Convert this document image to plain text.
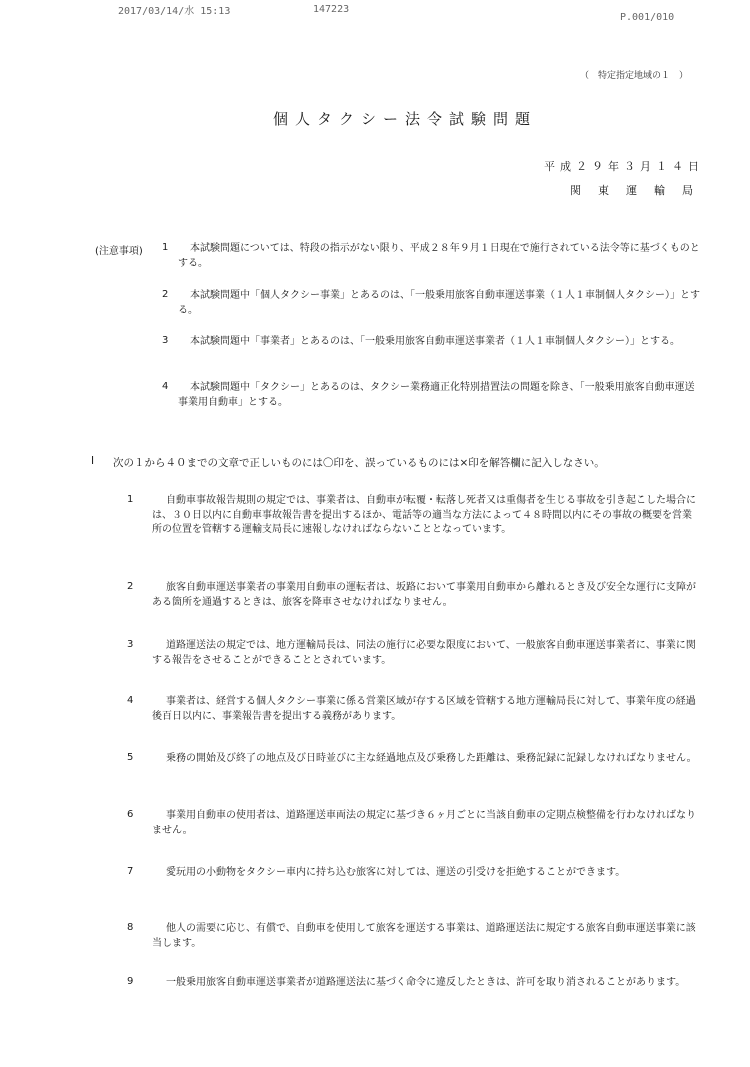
2017/03/14/水 15:13	147223
P.001/010
（　特定指定地域の１　）
個人タクシー法令試験問題
平成２９年３月１４日
関東運輸局
(注意事項) 1	本試験問題については、特段の指示がない限り、平成２８年９月１日現在で施行されている法令等に基づくものとする。
2	本試験問題中「個人タクシー事業」とあるのは、「一般乗用旅客自動車運送事業（１人１車制個人タクシー）」とする。
3	本試験問題中「事業者」とあるのは、「一般乗用旅客自動車運送事業者（１人１車制個人タクシー）」とする。
4	本試験問題中「タクシー」とあるのは、タクシー業務適正化特別措置法の問題を除き、「一般乗用旅客自動車運送事業用自動車」とする。
Ⅰ 次の１から４０までの文章で正しいものには〇印を、誤っているものには×印を解答欄に記入しなさい。
1	自動車事故報告規則の規定では、事業者は、自動車が転覆・転落し死者又は重傷者を生じる事故を引き起こした場合には、３０日以内に自動車事故報告書を提出するほか、電話等の適当な方法によって４８時間以内にその事故の概要を営業所の位置を管轄する運輸支局長に速報しなければならないこととなっています。
2	旅客自動車運送事業者の事業用自動車の運転者は、坂路において事業用自動車から離れるとき及び安全な運行に支障がある箇所を通過するときは、旅客を降車させなければなりません。
3	道路運送法の規定では、地方運輸局長は、同法の施行に必要な限度において、一般旅客自動車運送事業者に、事業に関する報告をさせることができることとされています。
4	事業者は、経営する個人タクシー事業に係る営業区域が存する区域を管轄する地方運輸局長に対して、事業年度の経過後百日以内に、事業報告書を提出する義務があります。
5	乗務の開始及び終了の地点及び日時並びに主な経過地点及び乗務した距離は、乗務記録に記録しなければなりません。
6	事業用自動車の使用者は、道路運送車両法の規定に基づき６ヶ月ごとに当該自動車の定期点検整備を行わなければなりません。
7	愛玩用の小動物をタクシー車内に持ち込む旅客に対しては、運送の引受けを拒絶することができます。
8	他人の需要に応じ、有償で、自動車を使用して旅客を運送する事業は、道路運送法に規定する旅客自動車運送事業に該当します。
9	一般乗用旅客自動車運送事業者が道路運送法に基づく命令に違反したときは、許可を取り消されることがあります。
